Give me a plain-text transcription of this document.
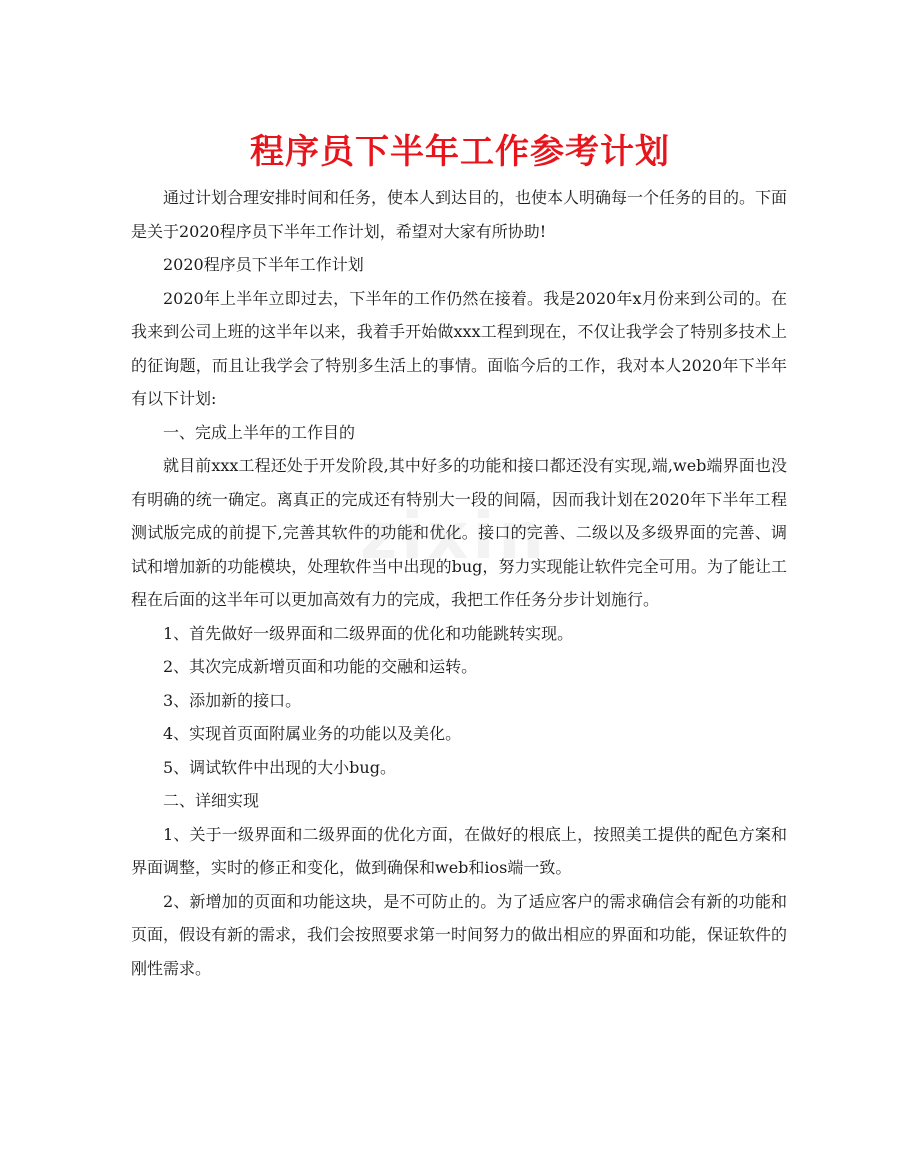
zixin
程序员下半年工作参考计划

通过计划合理安排时间和任务，使本人到达目的，也使本人明确每一个任务的目的。下面是关于2020程序员下半年工作计划，希望对大家有所协助!

2020程序员下半年工作计划

2020年上半年立即过去，下半年的工作仍然在接着。我是2020年x月份来到公司的。在我来到公司上班的这半年以来，我着手开始做xxx工程到现在，不仅让我学会了特别多技术上的征询题，而且让我学会了特别多生活上的事情。面临今后的工作，我对本人2020年下半年有以下计划:

一、完成上半年的工作目的

就目前xxx工程还处于开发阶段,其中好多的功能和接口都还没有实现,端,web端界面也没有明确的统一确定。离真正的完成还有特别大一段的间隔，因而我计划在2020年下半年工程测试版完成的前提下,完善其软件的功能和优化。接口的完善、二级以及多级界面的完善、调试和增加新的功能模块，处理软件当中出现的bug，努力实现能让软件完全可用。为了能让工程在后面的这半年可以更加高效有力的完成，我把工作任务分步计划施行。

1、首先做好一级界面和二级界面的优化和功能跳转实现。

2、其次完成新增页面和功能的交融和运转。

3、添加新的接口。

4、实现首页面附属业务的功能以及美化。

5、调试软件中出现的大小bug。

二、详细实现

1、关于一级界面和二级界面的优化方面，在做好的根底上，按照美工提供的配色方案和界面调整，实时的修正和变化，做到确保和web和ios端一致。

2、新增加的页面和功能这块，是不可防止的。为了适应客户的需求确信会有新的功能和页面，假设有新的需求，我们会按照要求第一时间努力的做出相应的界面和功能，保证软件的刚性需求。
